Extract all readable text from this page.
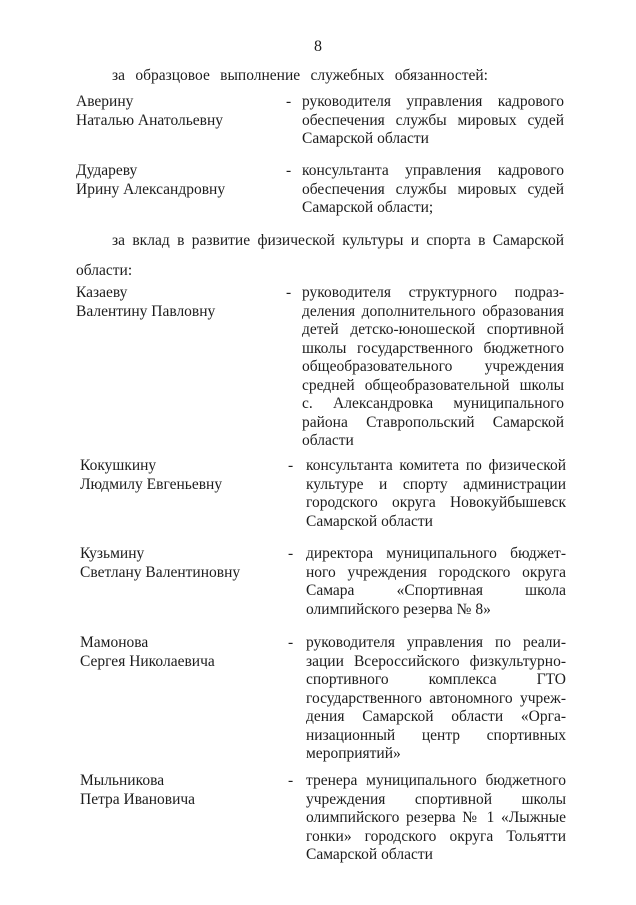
8
за образцовое выполнение служебных обязанностей:
Аверину
Наталью Анатольевну
- руководителя управления кадрового
обеспечения службы мировых судей
Самарской области
Дудареву
Ирину Александровну
- консультанта управления кадрового
обеспечения службы мировых судей
Самарской области;
за вклад в развитие физической культуры и спорта в Самарской
области:
Казаеву
Валентину Павловну
- руководителя структурного подраз-
деления дополнительного образования
детей детско-юношеской спортивной
школы государственного бюджетного
общеобразовательного учреждения
средней общеобразовательной школы
с. Александровка муниципального
района Ставропольский Самарской
области
Кокушкину
Людмилу Евгеньевну
- консультанта комитета по физической
культуре и спорту администрации
городского округа Новокуйбышевск
Самарской области
Кузьмину
Светлану Валентиновну
- директора муниципального бюджет-
ного учреждения городского округа
Самара «Спортивная школа
олимпийского резерва № 8»
Мамонова
Сергея Николаевича
- руководителя управления по реали-
зации Всероссийского физкультурно-
спортивного комплекса ГТО
государственного автономного учреж-
дения Самарской области «Орга-
низационный центр спортивных
мероприятий»
Мыльникова
Петра Ивановича
- тренера муниципального бюджетного
учреждения спортивной школы
олимпийского резерва № 1 «Лыжные
гонки» городского округа Тольятти
Самарской области
